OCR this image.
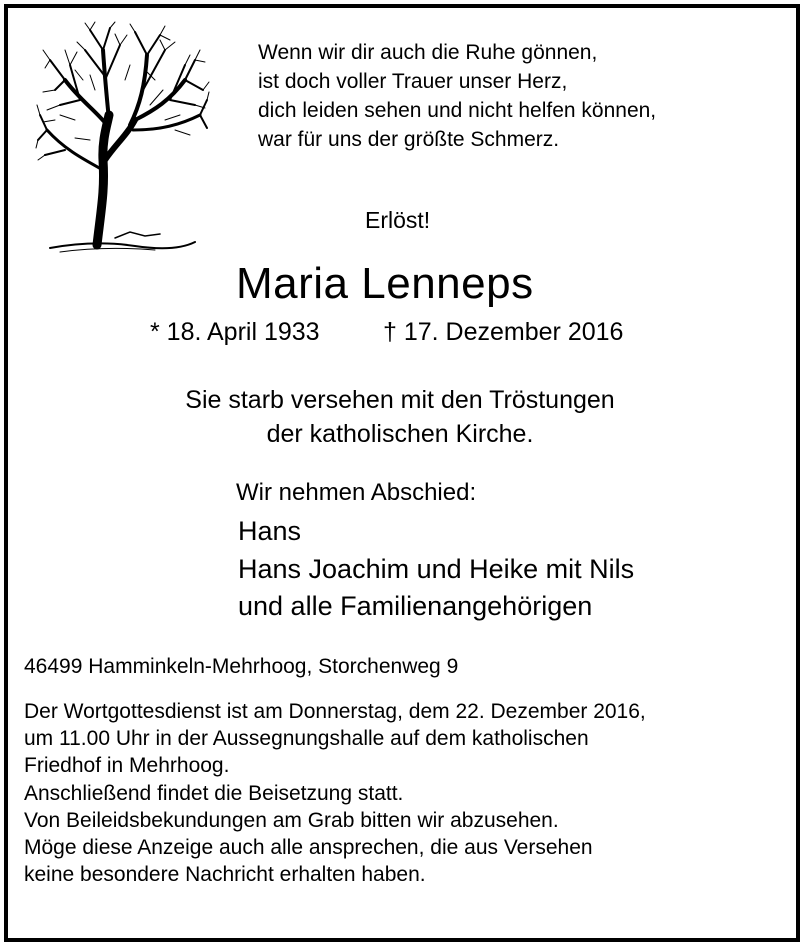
Wenn wir dir auch die Ruhe gönnen,
ist doch voller Trauer unser Herz,
dich leiden sehen und nicht helfen können,
war für uns der größte Schmerz.
Erlöst!
Maria Lenneps
* 18. April 1933	† 17. Dezember 2016
Sie starb versehen mit den Tröstungen
der katholischen Kirche.
Wir nehmen Abschied:
Hans
Hans Joachim und Heike mit Nils
und alle Familienangehörigen
46499 Hamminkeln-Mehrhoog, Storchenweg 9
Der Wortgottesdienst ist am Donnerstag, dem 22. Dezember 2016,
um 11.00 Uhr in der Aussegnungshalle auf dem katholischen
Friedhof in Mehrhoog.
Anschließend findet die Beisetzung statt.
Von Beileidsbekundungen am Grab bitten wir abzusehen.
Möge diese Anzeige auch alle ansprechen, die aus Versehen
keine besondere Nachricht erhalten haben.
